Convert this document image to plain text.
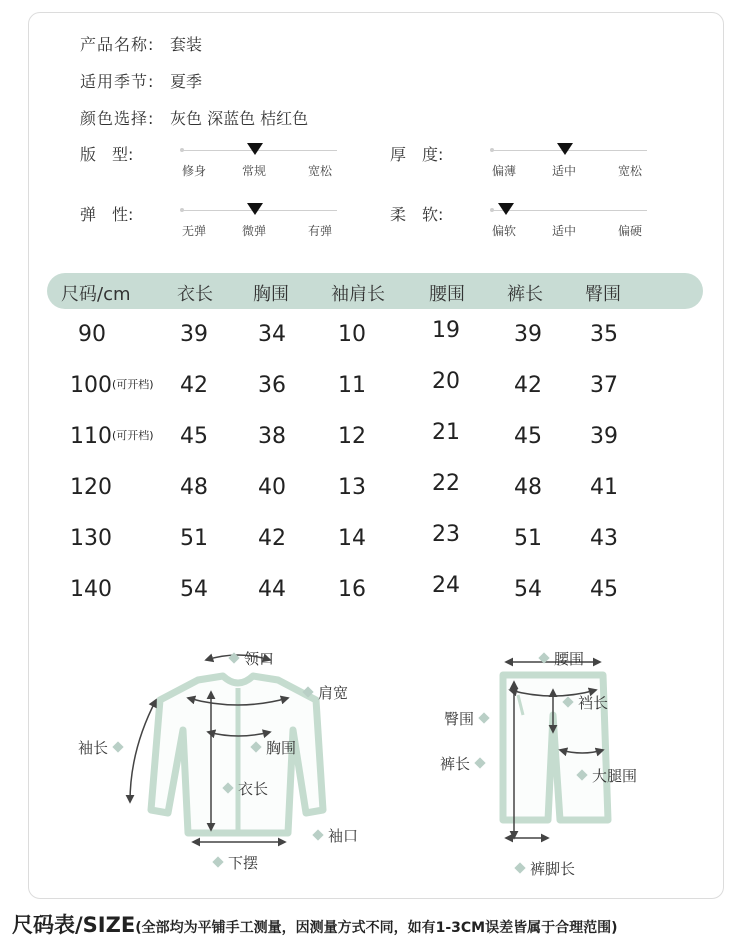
产品名称: 套装
适用季节: 夏季
颜色选择: 灰色 深蓝色 桔红色
版　型:
修身	常规	宽松
厚　度:
偏薄	适中	宽松
弹　性:
无弹	微弹	有弹
柔　软:
偏软	适中	偏硬
尺码/cm	衣长 胸围 袖肩长 腰围 裤长 臀围
90	39 34 10	19 39 35
100(可开档) 42 36 11	20 42 37
110(可开档) 45 38 12	21 45 39
120	48 40 13	22 48 41
130	51 42 14	23 51 43
140	54 44 16	24 54 45
领口
肩宽
袖长	胸围
衣长
袖口
下摆
腰围
臀围
裆长
裤长
大腿围
裤脚长
尺码表/SIZE(全部均为平铺手工测量，因测量方式不同，如有1-3CM误差皆属于合理范围)
